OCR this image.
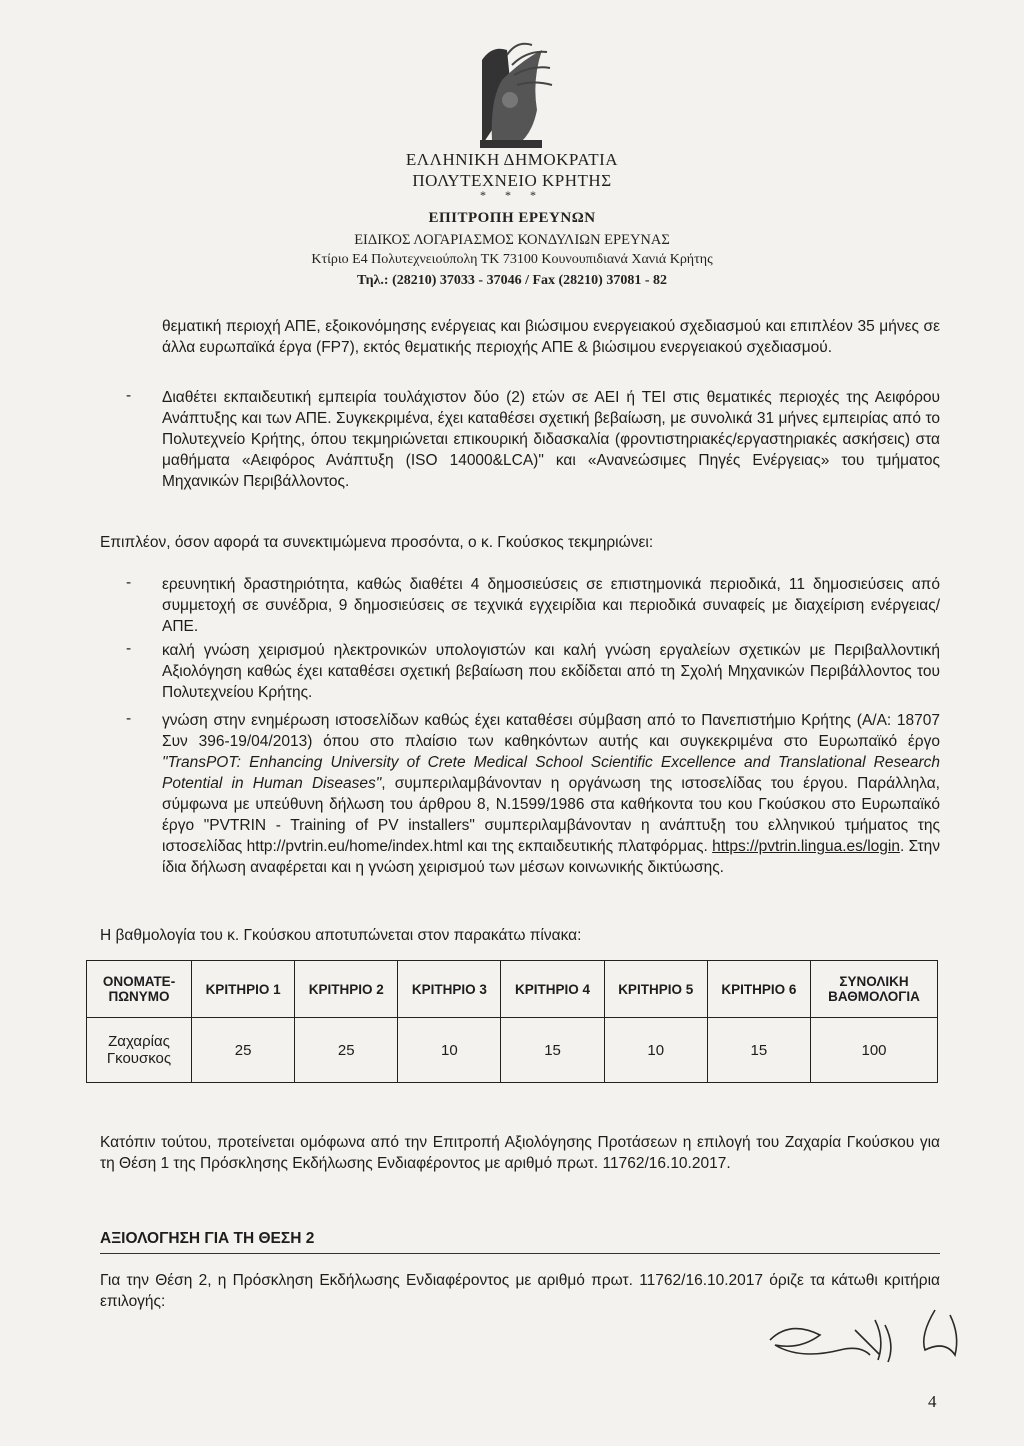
ΕΛΛΗΝΙΚΗ ΔΗΜΟΚΡΑΤΙΑ
ΠΟΛΥΤΕΧΝΕΙΟ ΚΡΗΤΗΣ
* * *
ΕΠΙΤΡΟΠΗ ΕΡΕΥΝΩΝ
ΕΙΔΙΚΟΣ ΛΟΓΑΡΙΑΣΜΟΣ ΚΟΝΔΥΛΙΩΝ ΕΡΕΥΝΑΣ
Κτίριο Ε4 Πολυτεχνειούπολη ΤΚ 73100 Κουνουπιδιανά Χανιά Κρήτης
Τηλ.: (28210) 37033 - 37046 / Fax (28210) 37081 - 82
θεματική περιοχή ΑΠΕ, εξοικονόμησης ενέργειας και βιώσιμου ενεργειακού σχεδιασμού και επιπλέον 35 μήνες σε άλλα ευρωπαϊκά έργα (FP7), εκτός θεματικής περιοχής ΑΠΕ & βιώσιμου ενεργειακού σχεδιασμού.
- Διαθέτει εκπαιδευτική εμπειρία τουλάχιστον δύο (2) ετών σε ΑΕΙ ή ΤΕΙ στις θεματικές περιοχές της Αειφόρου Ανάπτυξης και των ΑΠΕ. Συγκεκριμένα, έχει καταθέσει σχετική βεβαίωση, με συνολικά 31 μήνες εμπειρίας από το Πολυτεχνείο Κρήτης, όπου τεκμηριώνεται επικουρική διδασκαλία (φροντιστηριακές/εργαστηριακές ασκήσεις) στα μαθήματα «Αειφόρος Ανάπτυξη (ISO 14000&LCA)" και «Ανανεώσιμες Πηγές Ενέργειας» του τμήματος Μηχανικών Περιβάλλοντος.
Επιπλέον, όσον αφορά τα συνεκτιμώμενα προσόντα, ο κ. Γκούσκος τεκμηριώνει:
- ερευνητική δραστηριότητα, καθώς διαθέτει 4 δημοσιεύσεις σε επιστημονικά περιοδικά, 11 δημοσιεύσεις από συμμετοχή σε συνέδρια, 9 δημοσιεύσεις σε τεχνικά εγχειρίδια και περιοδικά συναφείς με διαχείριση ενέργειας/ΑΠΕ.
- καλή γνώση χειρισμού ηλεκτρονικών υπολογιστών και καλή γνώση εργαλείων σχετικών με Περιβαλλοντική Αξιολόγηση καθώς έχει καταθέσει σχετική βεβαίωση που εκδίδεται από τη Σχολή Μηχανικών Περιβάλλοντος του Πολυτεχνείου Κρήτης.
- γνώση στην ενημέρωση ιστοσελίδων καθώς έχει καταθέσει σύμβαση από το Πανεπιστήμιο Κρήτης (Α/Α: 18707 Συν 396-19/04/2013) όπου στο πλαίσιο των καθηκόντων αυτής και συγκεκριμένα στο Ευρωπαϊκό έργο "TransPOT: Enhancing University of Crete Medical School Scientific Excellence and Translational Research Potential in Human Diseases", συμπεριλαμβάνονταν η οργάνωση της ιστοσελίδας του έργου. Παράλληλα, σύμφωνα με υπεύθυνη δήλωση του άρθρου 8, Ν.1599/1986 στα καθήκοντα του κου Γκούσκου στο Ευρωπαϊκό έργο "PVTRIN - Training of PV installers" συμπεριλαμβάνονταν η ανάπτυξη του ελληνικού τμήματος της ιστοσελίδας http://pvtrin.eu/home/index.html και της εκπαιδευτικής πλατφόρμας. https://pvtrin.lingua.es/login. Στην ίδια δήλωση αναφέρεται και η γνώση χειρισμού των μέσων κοινωνικής δικτύωσης.
Η βαθμολογία του κ. Γκούσκου αποτυπώνεται στον παρακάτω πίνακα:
ΟΝΟΜΑΤΕ-ΠΩΝΥΜΟ	ΚΡΙΤΗΡΙΟ 1	ΚΡΙΤΗΡΙΟ 2	ΚΡΙΤΗΡΙΟ 3	ΚΡΙΤΗΡΙΟ 4	ΚΡΙΤΗΡΙΟ 5	ΚΡΙΤΗΡΙΟ 6	ΣΥΝΟΛΙΚΗ ΒΑΘΜΟΛΟΓΙΑ
Ζαχαρίας Γκουσκος	25	25	10	15	10	15	100
Κατόπιν τούτου, προτείνεται ομόφωνα από την Επιτροπή Αξιολόγησης Προτάσεων η επιλογή του Ζαχαρία Γκούσκου για τη Θέση 1 της Πρόσκλησης Εκδήλωσης Ενδιαφέροντος με αριθμό πρωτ. 11762/16.10.2017.
ΑΞΙΟΛΟΓΗΣΗ ΓΙΑ ΤΗ ΘΕΣΗ 2
Για την Θέση 2, η Πρόσκληση Εκδήλωσης Ενδιαφέροντος με αριθμό πρωτ. 11762/16.10.2017 όριζε τα κάτωθι κριτήρια επιλογής:
4
